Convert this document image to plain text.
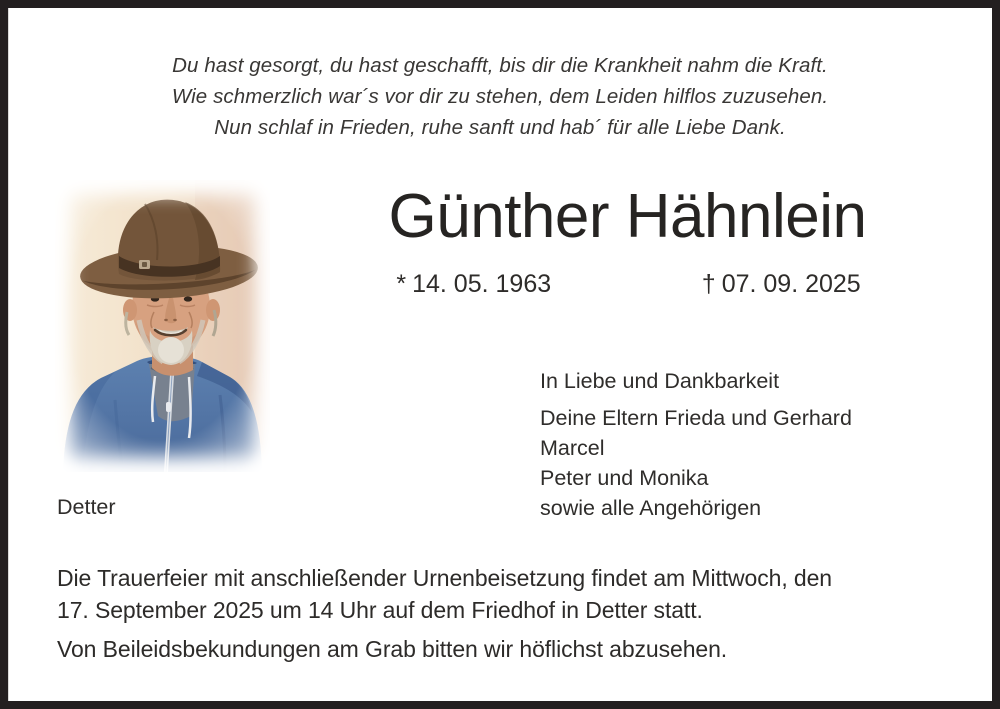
Du hast gesorgt, du hast geschafft, bis dir die Krankheit nahm die Kraft.
Wie schmerzlich war´s vor dir zu stehen, dem Leiden hilflos zuzusehen.
Nun schlaf in Frieden, ruhe sanft und hab´ für alle Liebe Dank.
Günther Hähnlein
* 14. 05. 1963	† 07. 09. 2025
In Liebe und Dankbarkeit
Deine Eltern Frieda und Gerhard
Marcel
Peter und Monika
sowie alle Angehörigen
Detter
Die Trauerfeier mit anschließender Urnenbeisetzung findet am Mittwoch, den
17. September 2025 um 14 Uhr auf dem Friedhof in Detter statt.
Von Beileidsbekundungen am Grab bitten wir höflichst abzusehen.
